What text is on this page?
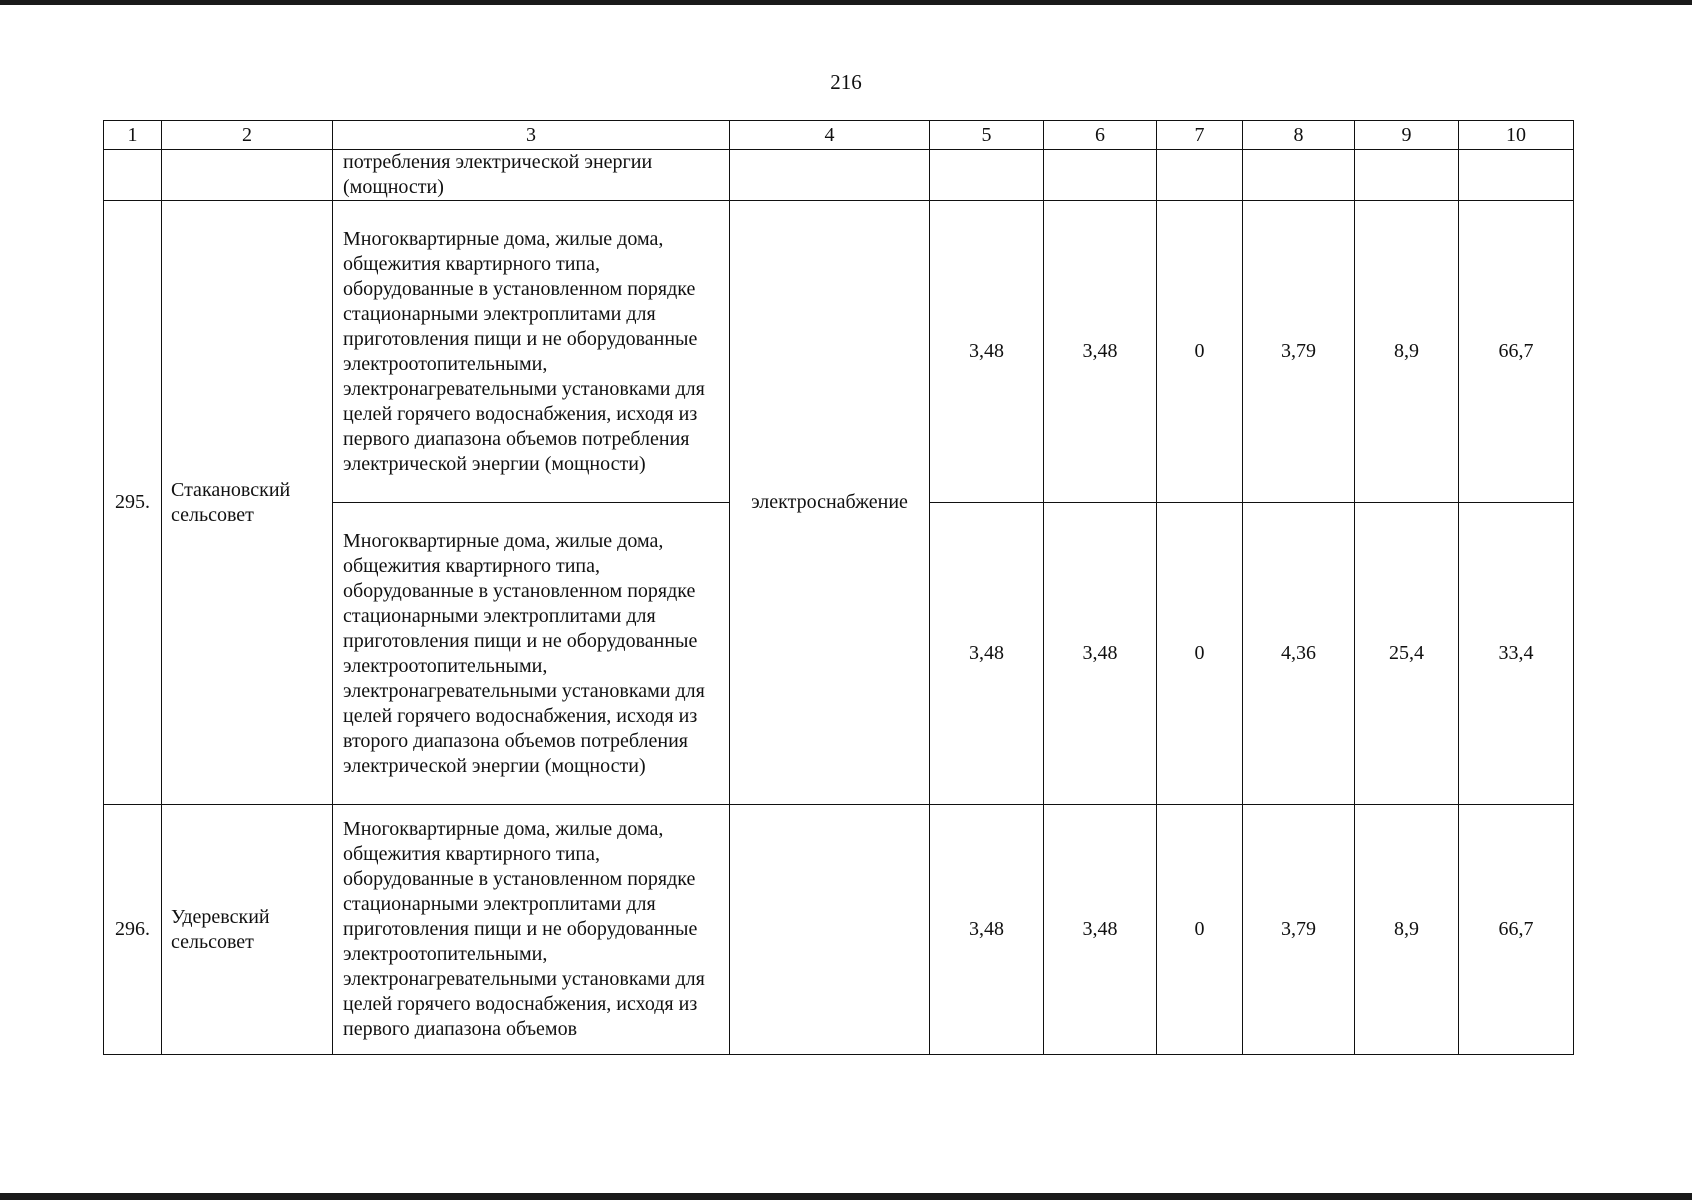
216
1	2	3	4	5	6	7	8	9	10
		потребления электрической энергии (мощности)							
295.	Стакановский сельсовет	Многоквартирные дома, жилые дома, общежития квартирного типа, оборудованные в установленном порядке стационарными электроплитами для приготовления пищи и не оборудованные электроотопительными, электронагревательными установками для целей горячего водоснабжения, исходя из первого диапазона объемов потребления электрической энергии (мощности)	электроснабжение	3,48	3,48	0	3,79	8,9	66,7
		Многоквартирные дома, жилые дома, общежития квартирного типа, оборудованные в установленном порядке стационарными электроплитами для приготовления пищи и не оборудованные электроотопительными, электронагревательными установками для целей горячего водоснабжения, исходя из второго диапазона объемов потребления электрической энергии (мощности)		3,48	3,48	0	4,36	25,4	33,4
296.	Удеревский сельсовет	Многоквартирные дома, жилые дома, общежития квартирного типа, оборудованные в установленном порядке стационарными электроплитами для приготовления пищи и не оборудованные электроотопительными, электронагревательными установками для целей горячего водоснабжения, исходя из первого диапазона объемов		3,48	3,48	0	3,79	8,9	66,7
